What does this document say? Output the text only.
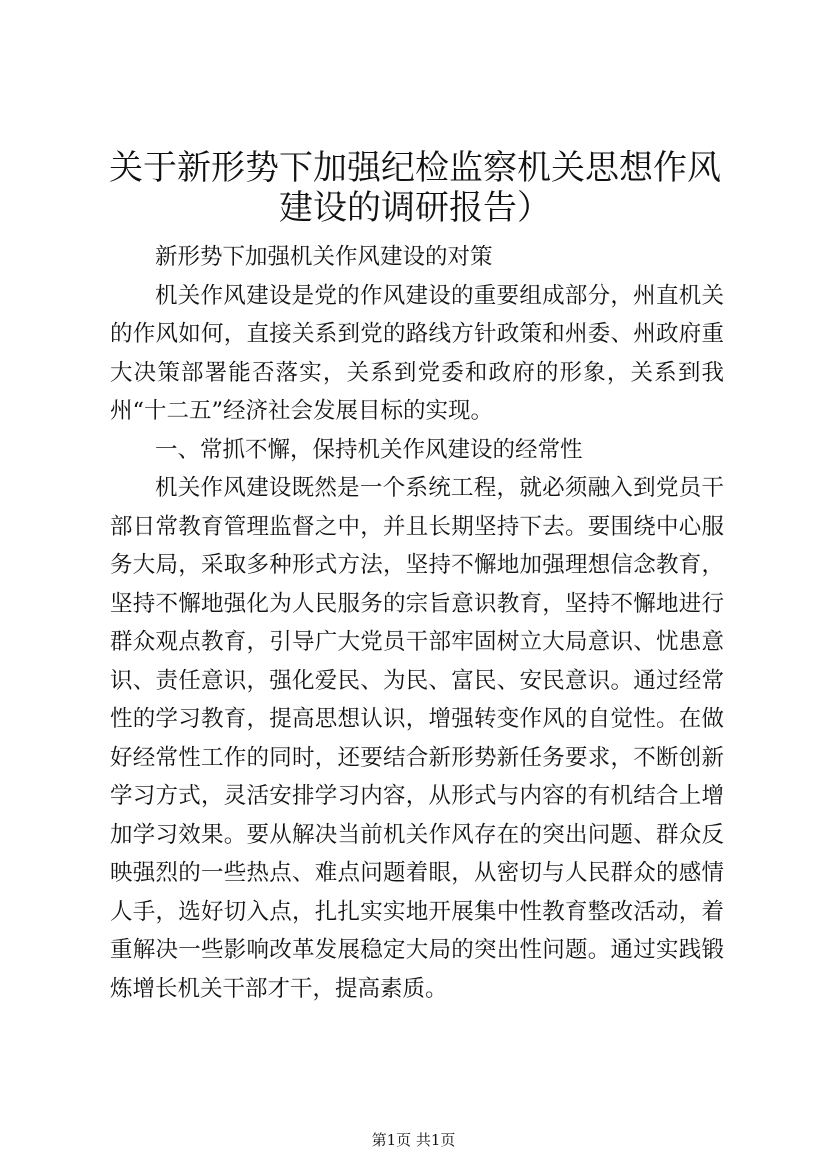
关于新形势下加强纪检监察机关思想作风建设的调研报告）

新形势下加强机关作风建设的对策

机关作风建设是党的作风建设的重要组成部分，州直机关的作风如何，直接关系到党的路线方针政策和州委、州政府重大决策部署能否落实，关系到党委和政府的形象，关系到我州“十二五”经济社会发展目标的实现。

一、常抓不懈，保持机关作风建设的经常性

机关作风建设既然是一个系统工程，就必须融入到党员干部日常教育管理监督之中，并且长期坚持下去。要围绕中心服务大局，采取多种形式方法，坚持不懈地加强理想信念教育，坚持不懈地强化为人民服务的宗旨意识教育，坚持不懈地进行群众观点教育，引导广大党员干部牢固树立大局意识、忧患意识、责任意识，强化爱民、为民、富民、安民意识。通过经常性的学习教育，提高思想认识，增强转变作风的自觉性。在做好经常性工作的同时，还要结合新形势新任务要求，不断创新学习方式，灵活安排学习内容，从形式与内容的有机结合上增加学习效果。要从解决当前机关作风存在的突出问题、群众反映强烈的一些热点、难点问题着眼，从密切与人民群众的感情人手，选好切入点，扎扎实实地开展集中性教育整改活动，着重解决一些影响改革发展稳定大局的突出性问题。通过实践锻炼增长机关干部才干，提高素质。

第1页 共1页
